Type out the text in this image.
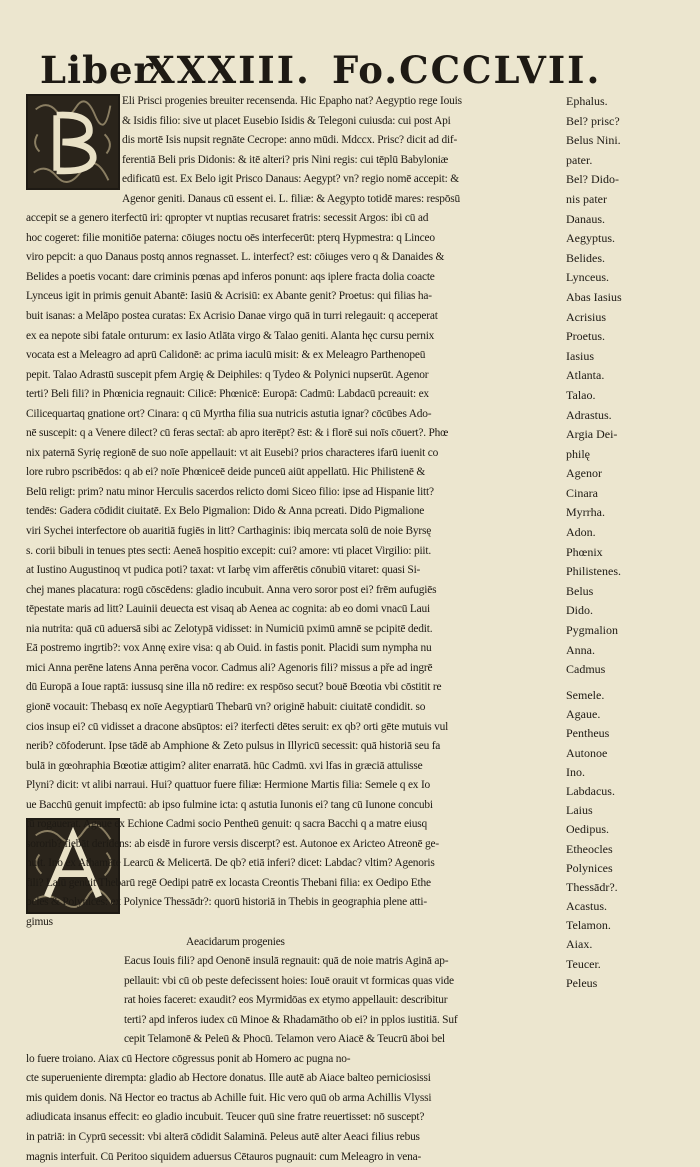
Liber
XXXIII. Fo.CCCLVII.
Eli Prisci progenies breuiter recensenda. Hic Epapho nat? Aegyptio rege Iouis
& Isidis filio: sive ut placet Eusebio Isidis & Telegoni cuiusda: cui post Api
dis mortē Isis nupsit regnāte Cecrope: anno mūdi. Mdccx. Prisc? dicit ad dif-
ferentiā Beli pris Didonis: & itē alteri? pris Nini regis: cui tēplū Babyloniæ
edificatū est. Ex Belo igit Prisco Danaus: Aegypt? vn? regio nomē accepit: &
Agenor geniti. Danaus cū essent ei. L. filiæ: & Aegypto totidē mares: respōsū
accepit se a genero iterfectū iri: qpropter vt nuptias recusaret fratris: secessit Argos: ibi cū ad
hoc cogeret: filie monitiōe paterna: cōiuges noctu oēs interfecerūt: pterq Hypmestra: q Linceo
viro pepcit: a quo Danaus postq annos regnasset. L. interfect? est: cōiuges vero q & Danaides &
Belides a poetis vocant: dare criminis pœnas apd inferos ponunt: aqs iplere fracta dolia coacte
Lynceus igit in primis genuit Abantē: Iasiū & Acrisiū: ex Abante genit? Proetus: qui filias ha-
buit isanas: a Melāpo postea curatas: Ex Acrisio Danae virgo quā in turri relegauit: q acceperat
ex ea nepote sibi fatale orıturum: ex Iasio Atlāta virgo & Talao geniti. Alanta hęc cursu pernix
vocata est a Meleagro ad aprū Calidonē: ac prima iaculū misit: & ex Meleagro Parthenopeū
pepit. Talao Adrastū suscepit pfem Argię & Deiphiles: q Tydeo & Polynici nupserūt. Agenor
terti? Beli fili? in Phœnicia regnauit: Cilicē: Phœnicē: Europā: Cadmū: Labdacū pcreauit: ex
Cilicequartaq gnatione ort? Cinara: q cū Myrtha filia sua nutricis astutia ignar? cōcūbes Ado-
nē suscepit: q a Venere dilect? cū feras sectaī: ab apro iterēpt? ēst: & i florē sui noīs cōuert?. Phœ
nix paternā Syrię regionē de suo noīe appellauit: vt ait Eusebi? prios characteres ifarū iuenit co
lore rubro pscribēdos: q ab ei? noīe Phœniceē deide punceū aiūt appellatū. Hic Philistenē &
Belū religt: prim? natu minor Herculis sacerdos relicto domi Siceo filio: ipse ad Hispanie litt?
tendēs: Gadera cōdidit ciuitatē. Ex Belo Pigmalion: Dido & Anna pcreati. Dido Pigmalione
viri Sychei interfectore ob auaritiā fugiēs in litt? Carthaginis: ibiq mercata solū de noie Byrsę
s. corii bibuli in tenues ptes secti: Aeneā hospitio excepit: cui? amore: vti placet Virgilio: piit.
at Iustino Augustinoq vt pudica poti? taxat: vt Iarbę vim afferētis cōnubiū vitaret: quasi Si-
chej manes placatura: rogū cōscēdens: gladio incubuit. Anna vero soror post ei? frēm aufugiēs
tēpestate maris ad litt? Lauinii deuecta est visaq ab Aenea ac cognita: ab eo domi vnacū Laui
nia nutrita: quā cū aduersā sibi ac Zelotypā vidisset: in Numiciū pximū amnē se pcipitē dedit.
Eā postremo ingrtib?: vox Annę exire visa: q ab Ouid. in fastis ponit. Placidi sum nympha nu
mici Anna perēne latens Anna perēna vocor. Cadmus ali? Agenoris fili? missus a pře ad ingrē
dū Europā a Ioue raptā: iussusq sine illa nō redire: ex respōso secut? bouē Bœotia vbi cōstitit re
gionē vocauit: Thebasq ex noīe Aegyptiarū Thebarū vn? originē habuit: ciuitatē condidit. so
cios insup ei? cū vidisset a dracone absūptos: ei? iterfecti dētes seruit: ex qb? orti gēte mutuis vul
nerib? cōfoderunt. Ipse tādē ab Amphione & Zeto pulsus in Illyricū secessit: quā historiā seu fa
bulā in gœohraphia Bœotiæ attigim? aliter enarratā. hūc Cadmū. xvi lfas in græciā attulisse
Plyni? dicit: vt alibi narraui. Hui? quattuor fuere filiæ: Hermione Martis filia: Semele q ex Io
ue Bacchū genuit impfectū: ab ipso fulmine icta: q astutia Iunonis ei? tang cū Iunone concubi
tū rogauerat. Agaue ex Echione Cadmi socio Pentheū genuit: q sacra Bacchi q a matre eiusq
sororib? fiebāt deridens: ab eisdē in furore versis discerpt? est. Autonoe ex Aricteo Atreonē ge-
nuit. Ino ex Athamāte Learcū & Melicertā. De qb? etiā inferi? dicet: Labdac? vltim? Agenoris
fili? Laiū genuit Thebarū regē Oedipi patrē ex locasta Creontis Thebani filia: ex Oedipo Ethe
ocles & Polynices: ex Polynice Thessādr?: quorū historiā in Thebis in geographia plene atti-
gimus
Aeacidarum progenies
Eacus Iouis fili? apd Oenonē insulā regnauit: quā de noie matris Aginā ap-
pellauit: vbi cū ob peste defecissent hoies: Iouē orauit vt formicas quas vide
rat hoies faceret: exaudit? eos Myrmidōas ex etymo appellauit: describitur
terti? apd inferos iudex cū Minoe & Rhadamātho ob ei? in pplos iustitiā. Suf
cepit Telamonē & Peleū & Phocū. Telamon vero Aiacē & Teucrū āboi bel
lo fuere troiano. Aiax cū Hectore cōgressus ponit ab Homero ac pugna no-
cte superueniente dirempta: gladio ab Hectore donatus. Ille autē ab Aiace balteo perniciosissi
mis quidem donis. Nā Hector eo tractus ab Achille fuit. Hic vero quū ob arma Achillis Vlyssi
adiudicata insanus effecit: eo gladio incubuit. Teucer quū sine fratre reuertisset: nō suscept?
in patriā: in Cyprū secessit: vbi alterā cōdidit Salaminā. Peleus autē alter Aeaci filius rebus
magnis interfuit. Cū Peritoo siquidem aduersus Cētauros pugnauit: cum Meleagro in vena-
Ephalus.
Bel? prisc?
Belus Nini.
pater.
Bel? Dido-
nis pater
Danaus.
Aegyptus.
Belides.
Lynceus.
Abas Iasius
Acrisius
Proetus.
Iasius
Atlanta.
Talao.
Adrastus.
Argia Dei-
philę
Agenor
Cinara
Myrrha.
Adon.
Phœnix
Philistenes.
Belus
Dido.
Pygmalion
Anna.
Cadmus
Semele.
Agaue.
Pentheus
Autonoe
Ino.
Labdacus.
Laius
Oedipus.
Etheocles
Polynices
Thessādr?.
Acastus.
Telamon.
Aiax.
Teucer.
Peleus
